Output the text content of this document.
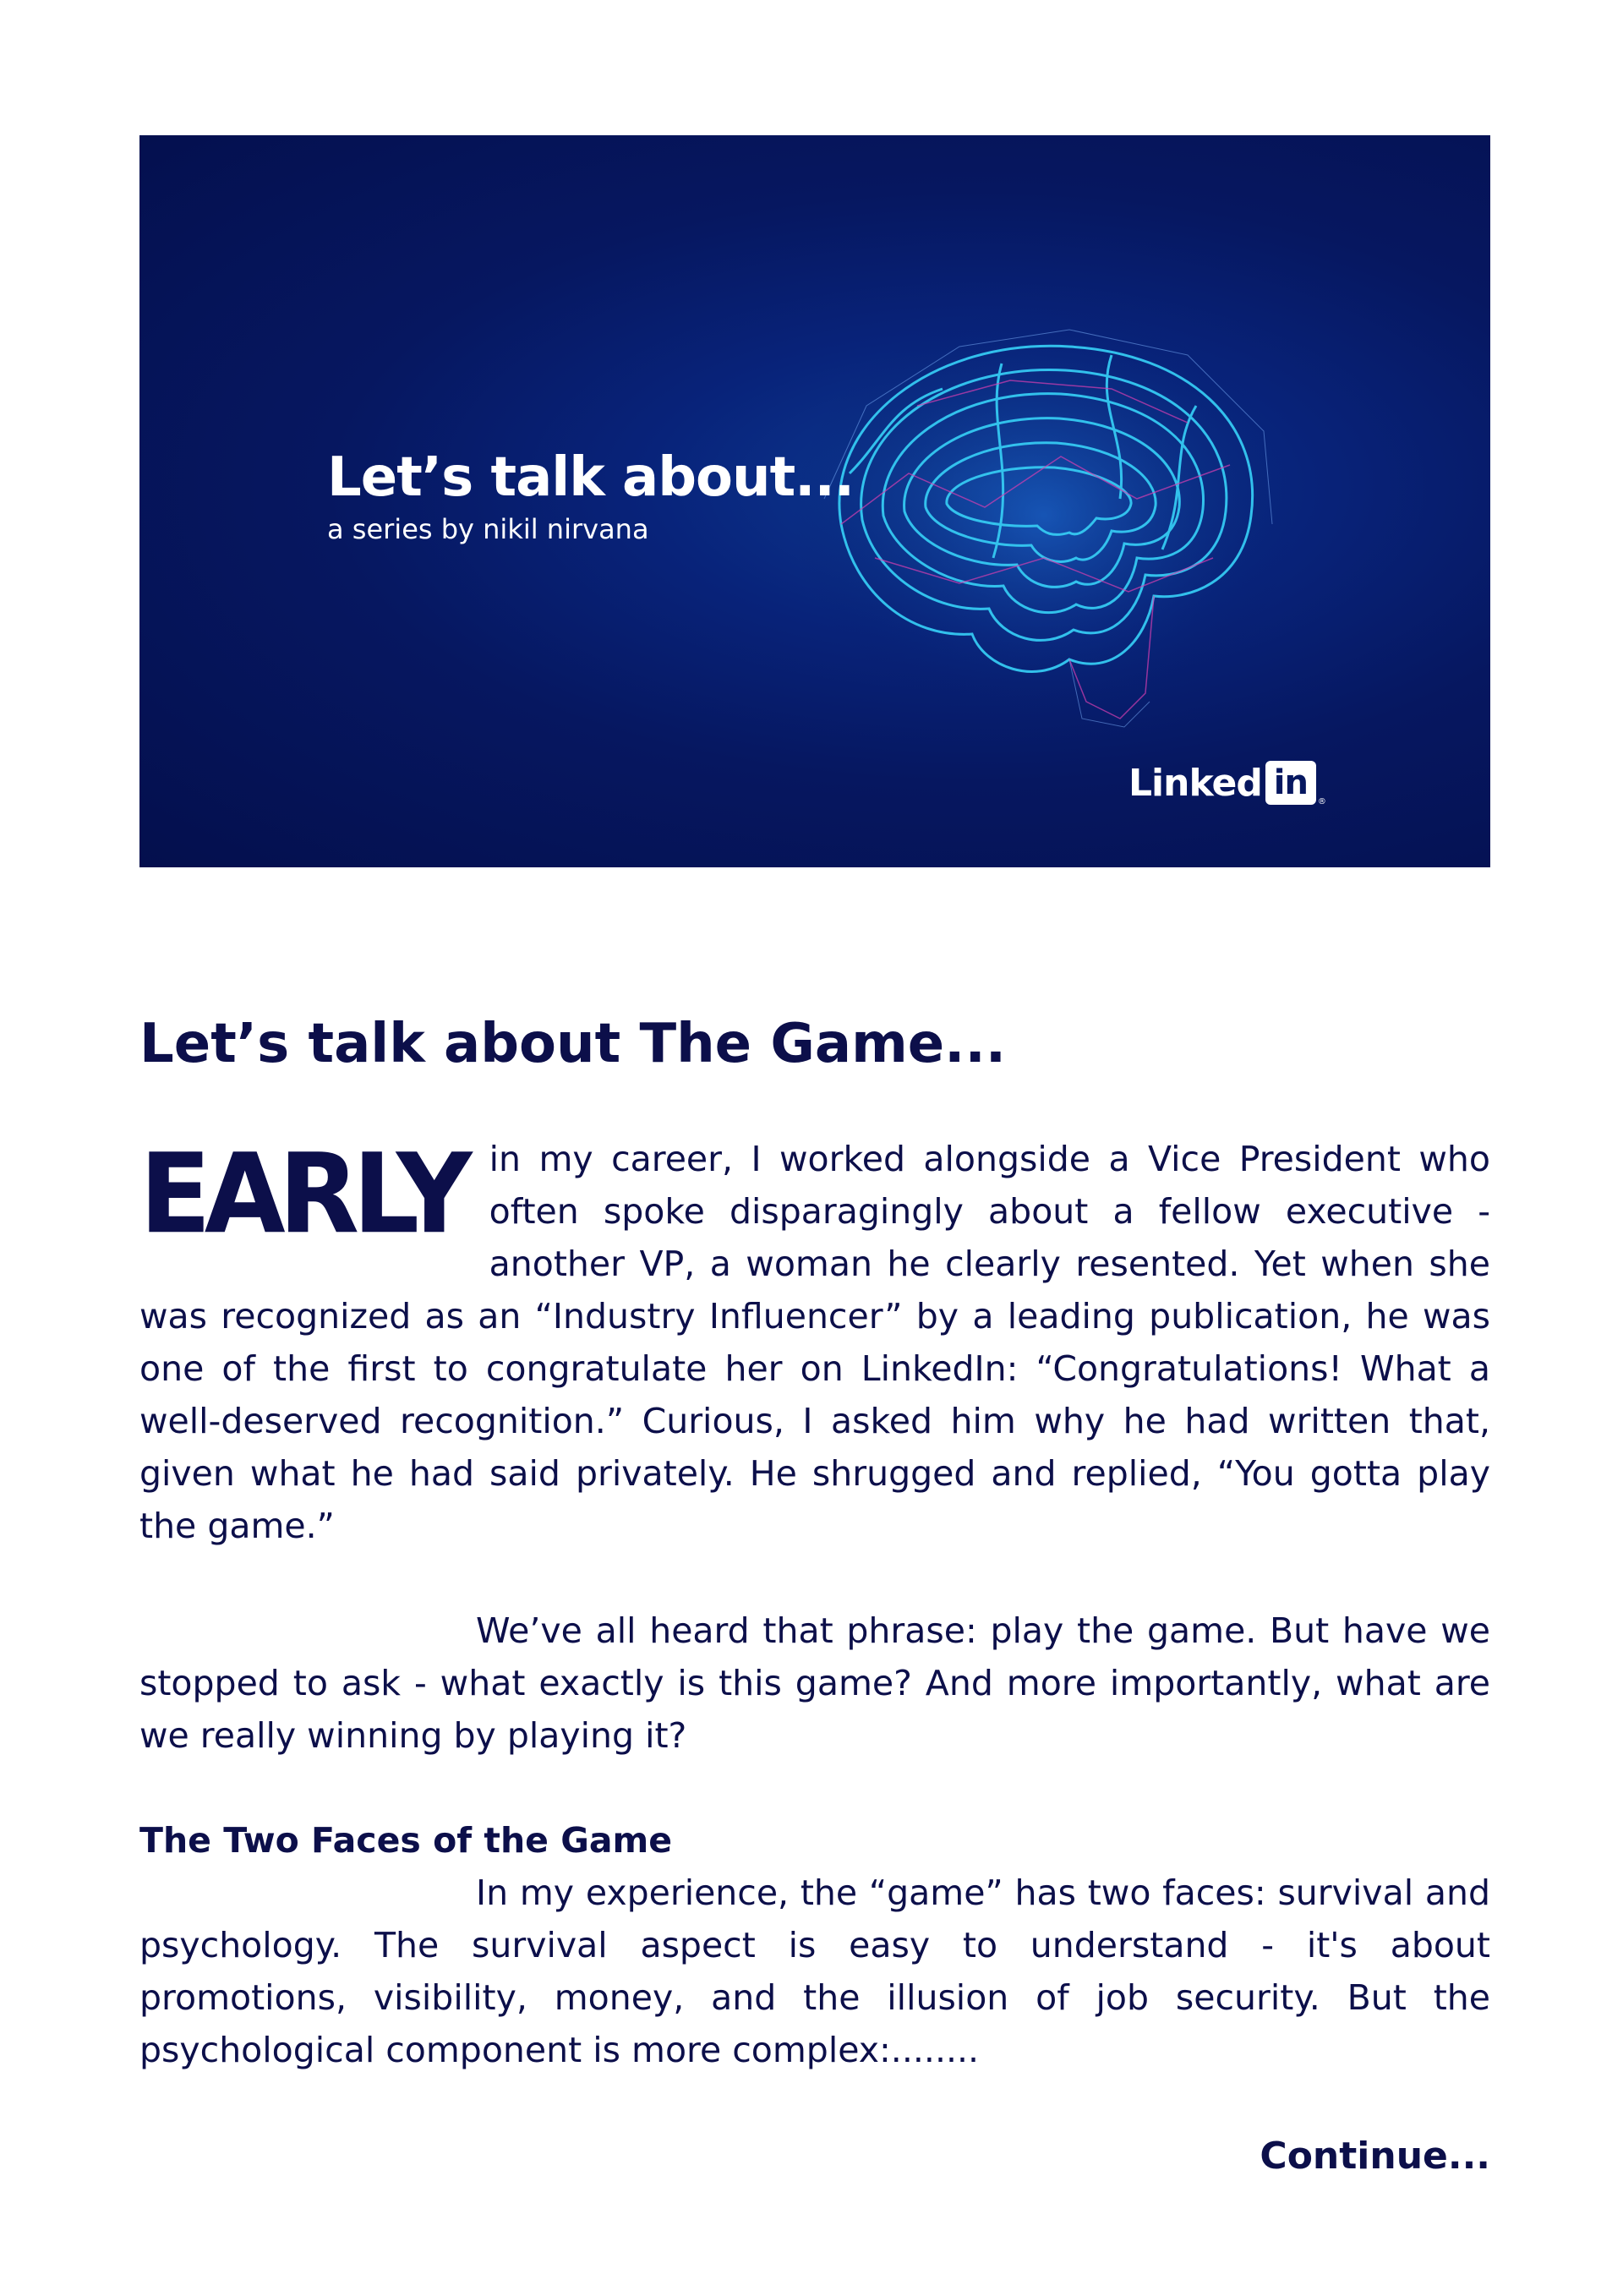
Let’s talk about...
a series by nikil nirvana
Linked in	®
Let’s talk about The Game...

EARLY in my career, I worked alongside a Vice President who often spoke disparagingly about a fellow executive - another VP, a woman he clearly resented. Yet when she was recognized as an “Industry Influencer” by a leading publication, he was one of the first to congratulate her on LinkedIn: “Congratulations! What a well-deserved recognition.” Curious, I asked him why he had written that, given what he had said privately. He shrugged and replied, “You gotta play the game.”

We’ve all heard that phrase: play the game. But have we stopped to ask - what exactly is this game? And more importantly, what are we really winning by playing it?

The Two Faces of the Game

In my experience, the “game” has two faces: survival and psychology. The survival aspect is easy to understand - it's about promotions, visibility, money, and the illusion of job security. But the psychological component is more complex:........

Continue...
